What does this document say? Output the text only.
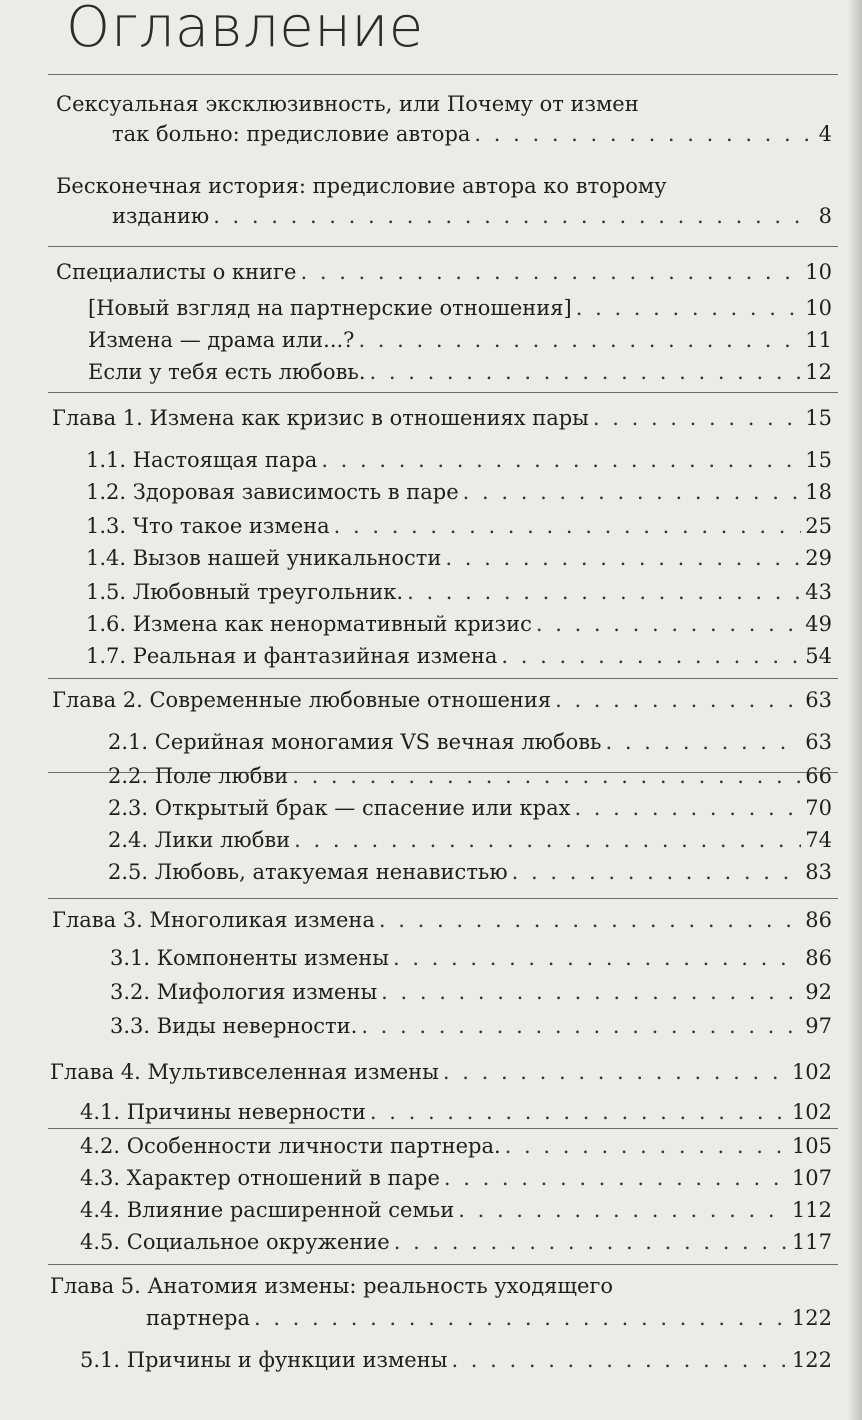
Оглавление
Сексуальная эксклюзивность, или Почему от измен
так больно: предисловие автора . . .	4
Бесконечная история: предисловие автора ко второму
изданию . . .	8
Специалисты о книге . . .	10
[Новый взгляд на партнерские отношения] . . .	10
Измена — драма или...? . . .	11
Если у тебя есть любовь. . . .	12
Глава 1. Измена как кризис в отношениях пары . . .	15
1.1. Настоящая пара . . .	15
1.2. Здоровая зависимость в паре . . .	18
1.3. Что такое измена . . .	25
1.4. Вызов нашей уникальности . . .	29
1.5. Любовный треугольник. . . .	43
1.6. Измена как ненормативный кризис . . .	49
1.7. Реальная и фантазийная измена . . .	54
Глава 2. Современные любовные отношения . . .	63
2.1. Серийная моногамия VS вечная любовь . . .	63
2.2. Поле любви . . .	66
2.3. Открытый брак — спасение или крах . . .	70
2.4. Лики любви . . .	74
2.5. Любовь, атакуемая ненавистью . . .	83
Глава 3. Многоликая измена . . .	86
3.1. Компоненты измены . . .	86
3.2. Мифология измены . . .	92
3.3. Виды неверности. . . .	97
Глава 4. Мультивселенная измены . . .	102
4.1. Причины неверности . . .	102
4.2. Особенности личности партнера. . . .	105
4.3. Характер отношений в паре . . .	107
4.4. Влияние расширенной семьи . . .	112
4.5. Социальное окружение . . .	117
Глава 5. Анатомия измены: реальность уходящего
партнера . . .	122
5.1. Причины и функции измены . . .	122
